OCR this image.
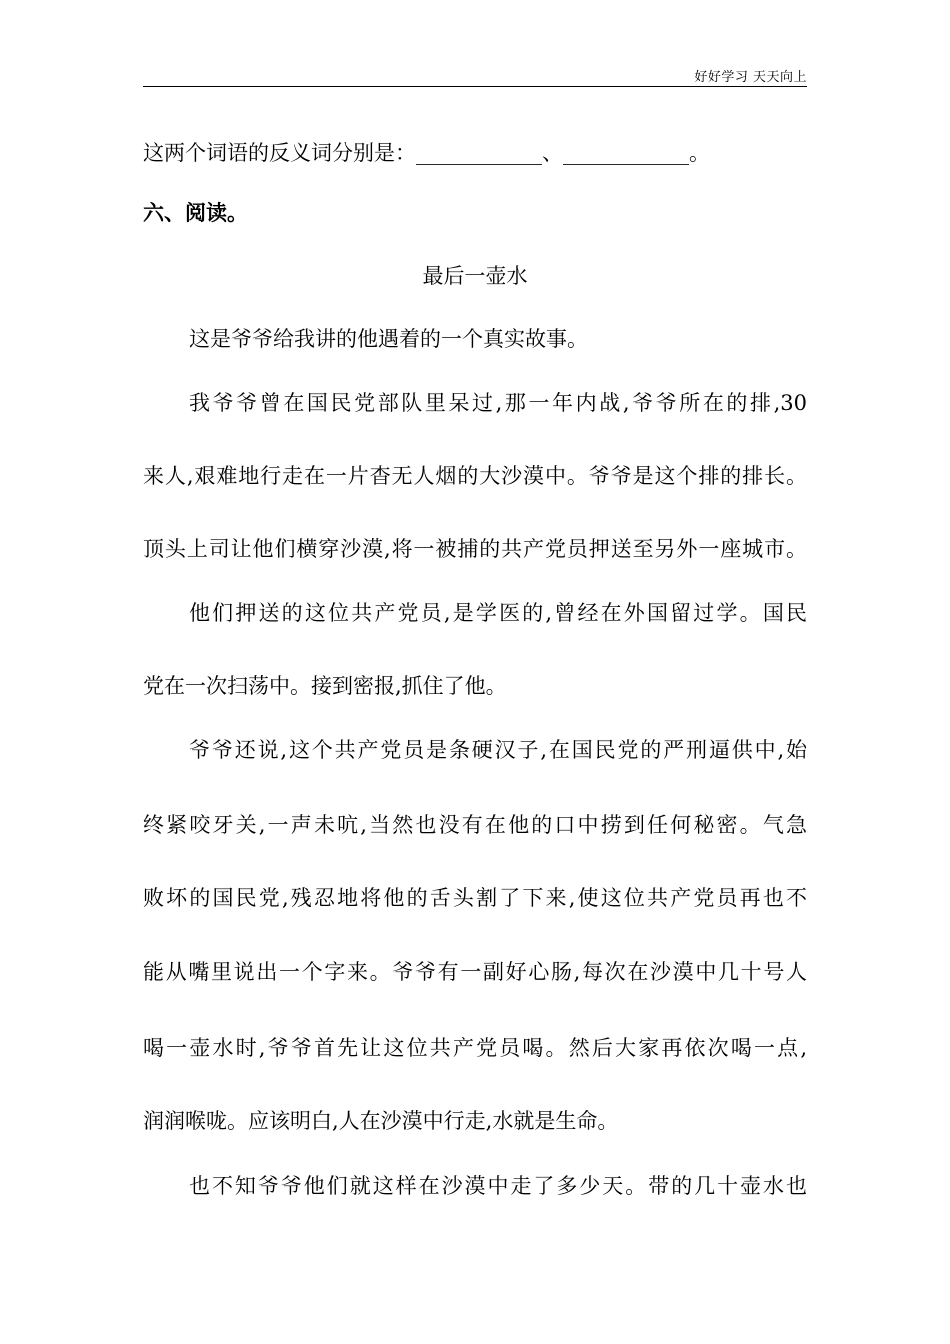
好好学习 天天向上
这两个词语的反义词分别是：____________、____________。
六、阅读。
最后一壶水
这是爷爷给我讲的他遇着的一个真实故事。
我爷爷曾在国民党部队里呆过,那一年内战,爷爷所在的排,30
来人,艰难地行走在一片杳无人烟的大沙漠中。爷爷是这个排的排长。
顶头上司让他们横穿沙漠,将一被捕的共产党员押送至另外一座城市。
他们押送的这位共产党员,是学医的,曾经在外国留过学。国民
党在一次扫荡中。接到密报,抓住了他。
爷爷还说,这个共产党员是条硬汉子,在国民党的严刑逼供中,始
终紧咬牙关,一声未吭,当然也没有在他的口中捞到任何秘密。气急
败坏的国民党,残忍地将他的舌头割了下来,使这位共产党员再也不
能从嘴里说出一个字来。爷爷有一副好心肠,每次在沙漠中几十号人
喝一壶水时,爷爷首先让这位共产党员喝。然后大家再依次喝一点,
润润喉咙。应该明白,人在沙漠中行走,水就是生命。
也不知爷爷他们就这样在沙漠中走了多少天。带的几十壶水也
